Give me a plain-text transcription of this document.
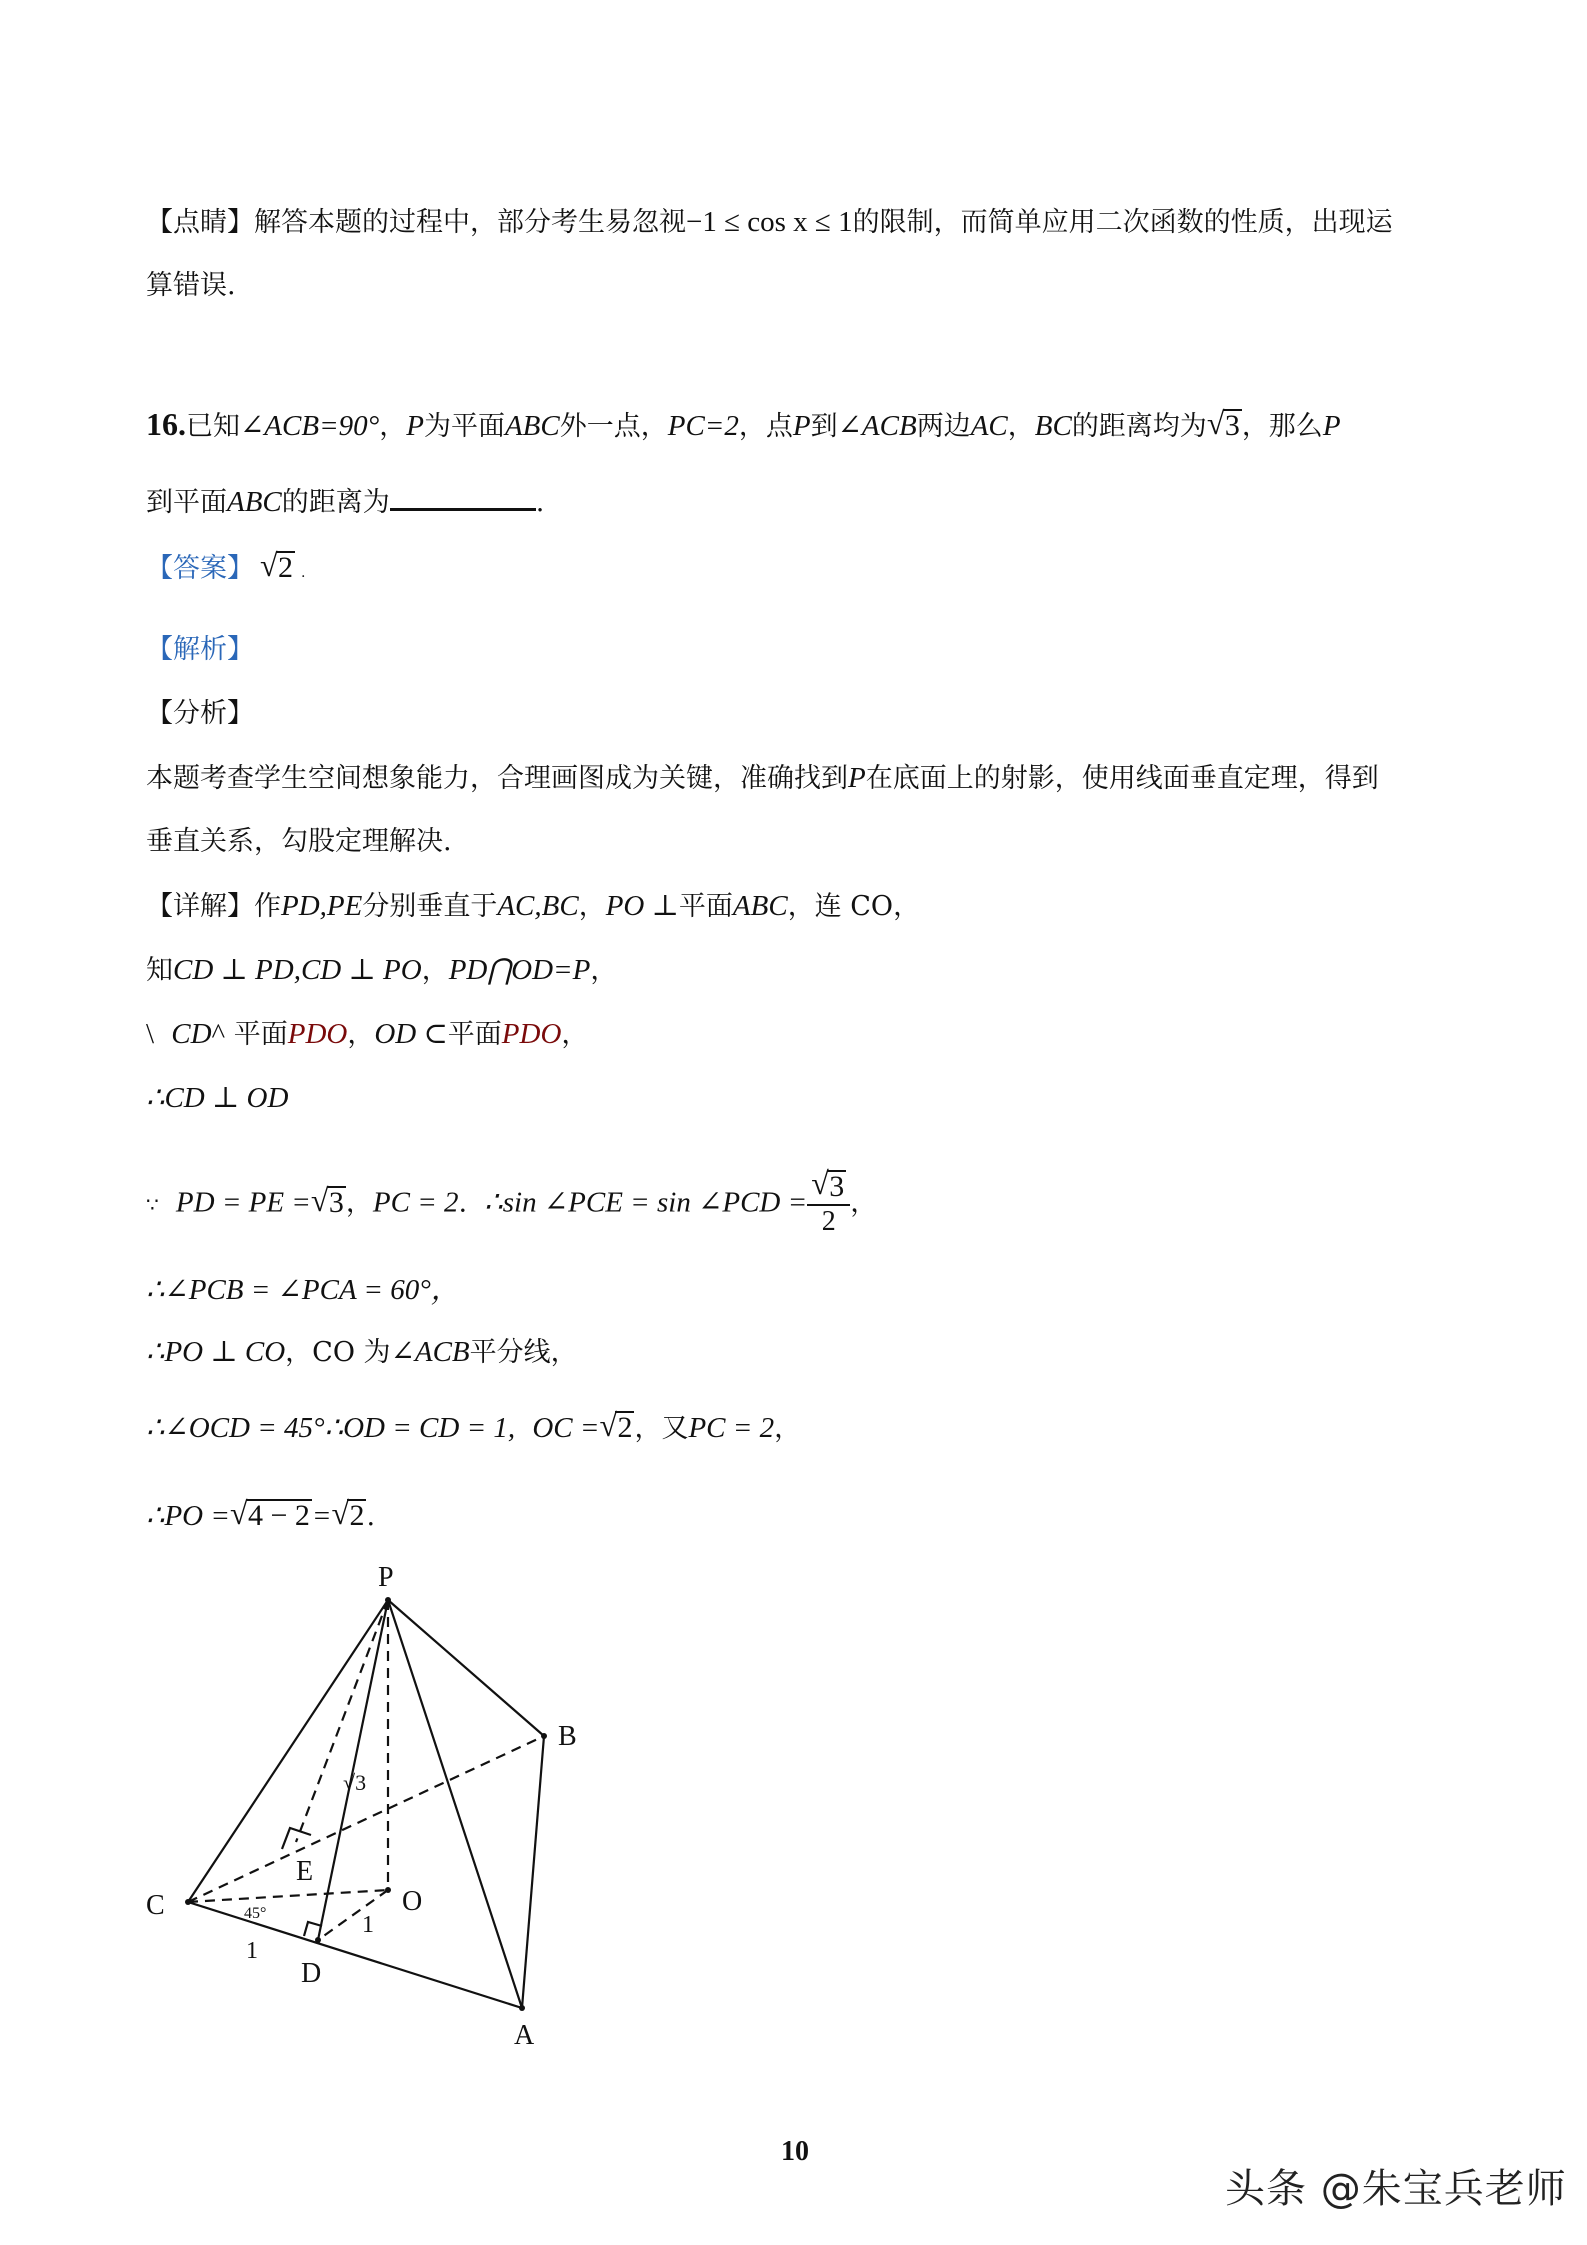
【点睛】解答本题的过程中，部分考生易忽视−1 ≤ cos x ≤ 1的限制，而简单应用二次函数的性质，出现运
算错误.
16.已知∠ACB=90°，P为平面ABC外一点，PC=2，点P到∠ACB两边AC，BC的距离均为 √ 3，那么P
到平面ABC的距离为	.
【答案】 √ 2 .
【解析】
【分析】
本题考查学生空间想象能力，合理画图成为关键，准确找到P在底面上的射影，使用线面垂直定理，得到
垂直关系，勾股定理解决.
【详解】作PD,PE分别垂直于AC,BC，PO ⊥平面ABC，连 CO，
知CD ⊥ PD,CD ⊥ PO，PD⋂OD=P，
\ CD^ 平面PDO，OD ⊂平面PDO，
∴CD ⊥ OD
∵ PD = PE = √ 3，PC = 2. ∴sin ∠PCE = sin ∠PCD = √ $\frac{3}{2}$ ，
∴∠PCB = ∠PCA = 60°，
∴PO ⊥ CO，CO 为∠ACB平分线，
∴∠OCD = 45°∴OD = CD = 1, OC = √ 2，又PC = 2，
∴PO = √ 4 − 2= √ 2.
P
B
C	O
E
D
A
√3
45°
1
1
10
头条 @朱宝兵老师
